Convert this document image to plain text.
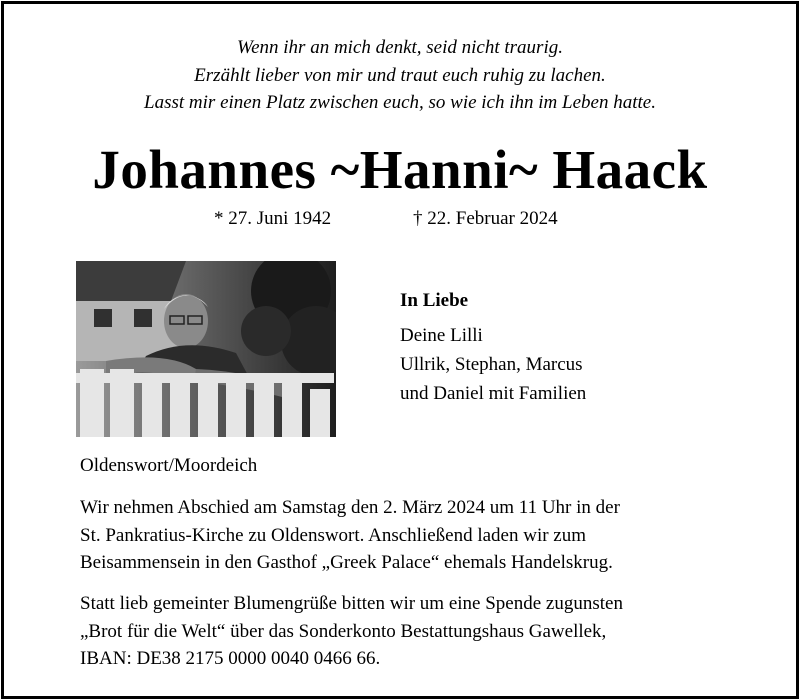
Wenn ihr an mich denkt, seid nicht traurig.
Erzählt lieber von mir und traut euch ruhig zu lachen.
Lasst mir einen Platz zwischen euch, so wie ich ihn im Leben hatte.
Johannes ~Hanni~ Haack
* 27. Juni 1942	† 22. Februar 2024
In Liebe
Deine Lilli
Ullrik, Stephan, Marcus
und Daniel mit Familien
Oldenswort/Moordeich
Wir nehmen Abschied am Samstag den 2. März 2024 um 11 Uhr in der
St. Pankratius-Kirche zu Oldenswort. Anschließend laden wir zum
Beisammensein in den Gasthof „Greek Palace“ ehemals Handelskrug.
Statt lieb gemeinter Blumengrüße bitten wir um eine Spende zugunsten
„Brot für die Welt“ über das Sonderkonto Bestattungshaus Gawellek,
IBAN: DE38 2175 0000 0040 0466 66.
